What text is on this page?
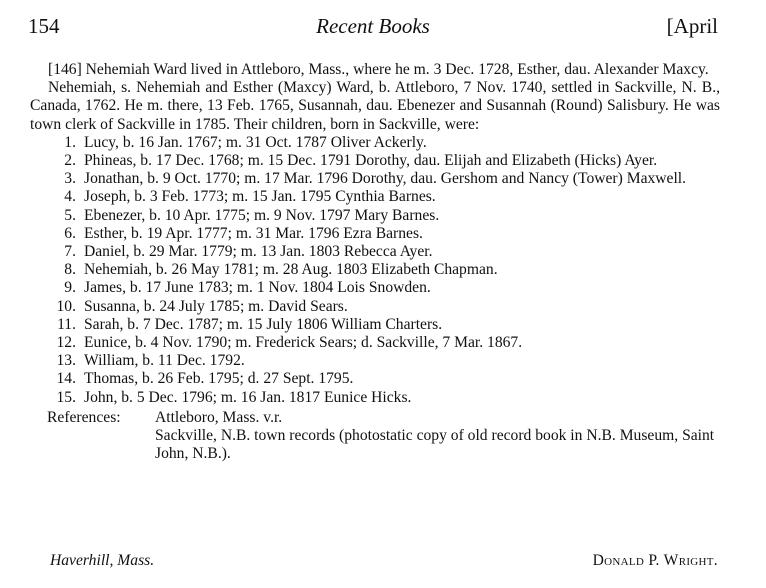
154	Recent Books	[April

[146] Nehemiah Ward lived in Attleboro, Mass., where he m. 3 Dec. 1728, Esther, dau. Alexander Maxcy.

Nehemiah, s. Nehemiah and Esther (Maxcy) Ward, b. Attleboro, 7 Nov. 1740, settled in Sackville, N. B., Canada, 1762. He m. there, 13 Feb. 1765, Susannah, dau. Ebenezer and Susannah (Round) Salisbury. He was town clerk of Sackville in 1785. Their children, born in Sackville, were:

1. Lucy, b. 16 Jan. 1767; m. 31 Oct. 1787 Oliver Ackerly.
2. Phineas, b. 17 Dec. 1768; m. 15 Dec. 1791 Dorothy, dau. Elijah and Elizabeth (Hicks) Ayer.
3. Jonathan, b. 9 Oct. 1770; m. 17 Mar. 1796 Dorothy, dau. Gershom and Nancy (Tower) Maxwell.
4. Joseph, b. 3 Feb. 1773; m. 15 Jan. 1795 Cynthia Barnes.
5. Ebenezer, b. 10 Apr. 1775; m. 9 Nov. 1797 Mary Barnes.
6. Esther, b. 19 Apr. 1777; m. 31 Mar. 1796 Ezra Barnes.
7. Daniel, b. 29 Mar. 1779; m. 13 Jan. 1803 Rebecca Ayer.
8. Nehemiah, b. 26 May 1781; m. 28 Aug. 1803 Elizabeth Chapman.
9. James, b. 17 June 1783; m. 1 Nov. 1804 Lois Snowden.
10. Susanna, b. 24 July 1785; m. David Sears.
11. Sarah, b. 7 Dec. 1787; m. 15 July 1806 William Charters.
12. Eunice, b. 4 Nov. 1790; m. Frederick Sears; d. Sackville, 7 Mar. 1867.
13. William, b. 11 Dec. 1792.
14. Thomas, b. 26 Feb. 1795; d. 27 Sept. 1795.
15. John, b. 5 Dec. 1796; m. 16 Jan. 1817 Eunice Hicks.
References: Attleboro, Mass. v.r.
Sackville, N.B. town records (photostatic copy of old record book in N.B. Museum, Saint John, N.B.).
Haverhill, Mass.	Donald P. Wright.
